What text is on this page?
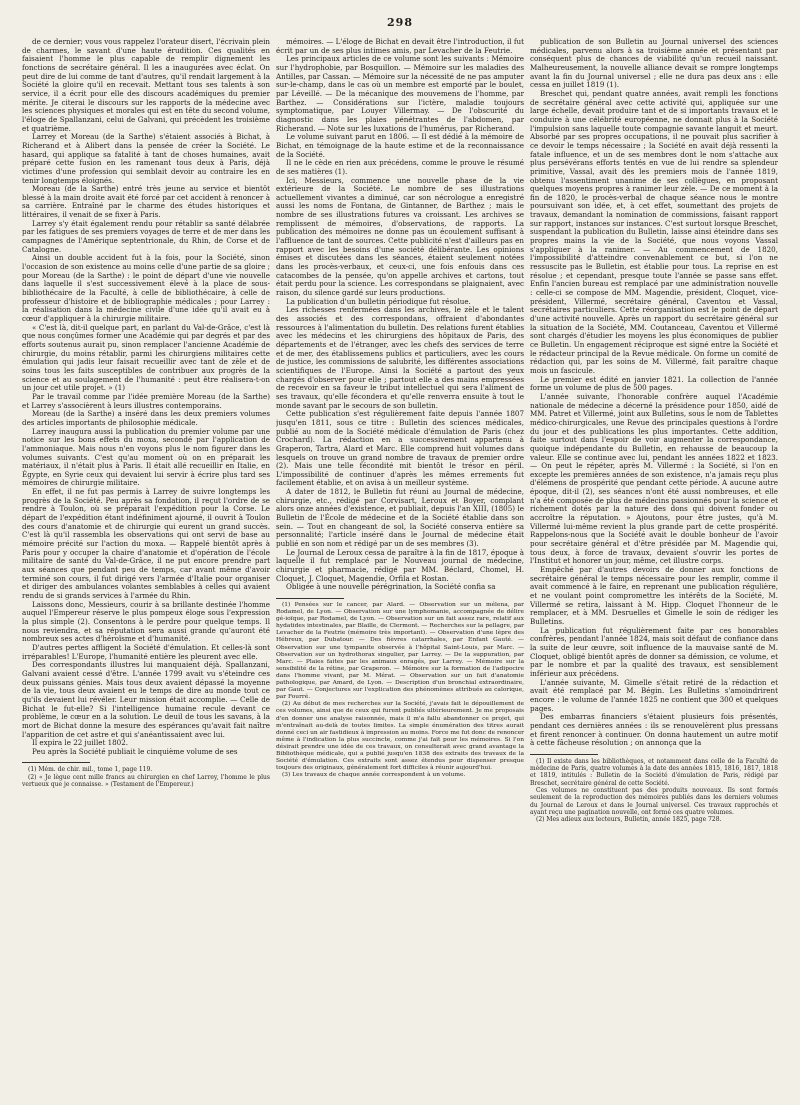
298

de ce dernier; vous vous rappelez l'orateur disert, l'écrivain plein de charmes, le savant d'une haute érudition. Ces qualités en faisaient l'homme le plus capable de remplir dignement les fonctions de secrétaire général. Il les a inaugurées avec éclat. On peut dire de lui comme de tant d'autres, qu'il rendait largement à la Société la gloire qu'il en recevait. Mettant tous ses talents à son service, il a écrit pour elle des discours académiques du premier mérite. Je citerai le discours sur les rapports de la médecine avec les sciences physiques et morales qui est en tête du second volume, l'éloge de Spallanzani, celui de Galvani, qui précèdent les troisième et quatrième.

Larrey et Moreau (de la Sarthe) s'étaient associés à Bichat, à Richerand et à Alibert dans la pensée de créer la Société. Le hasard, qui applique sa fatalité à tant de choses humaines, avait préparé cette fusion en les ramenant tous deux à Paris, déjà victimes d'une profession qui semblait devoir au contraire les en tenir longtemps éloignés.

Moreau (de la Sarthe) entré très jeune au service et bientôt blessé à la main droite avait été forcé par cet accident à renoncer à sa carrière. Entraîné par le charme des études historiques et littéraires, il venait de se fixer à Paris.

Larrey s'y était également rendu pour rétablir sa santé délabrée par les fatigues de ses premiers voyages de terre et de mer dans les campagnes de l'Amérique septentrionale, du Rhin, de Corse et de Catalogne.

Ainsi un double accident fut à la fois, pour la Société, sinon l'occasion de son existence au moins celle d'une partie de sa gloire ; pour Moreau (de la Sarthe) : le point de départ d'une vie nouvelle dans laquelle il s'est successivement élevé à la place de sous-bibliothécaire de la Faculté, à celle de bibliothécaire, à celle de professeur d'histoire et de bibliographie médicales ; pour Larrey : la réalisation dans la médecine civile d'une idée qu'il avait eu à cœur d'appliquer à la chirurgie militaire.

« C'est là, dit-il quelque part, en parlant du Val-de-Grâce, c'est là que nous conçûmes former une Académie qui par degrés et par des efforts soutenus aurait pu, sinon remplacer l'ancienne Académie de chirurgie, du moins rétablir, parmi les chirurgiens militaires cette émulation qui jadis leur faisait recueillir avec tant de zèle et de soins tous les faits susceptibles de contribuer aux progrès de la science et au soulagement de l'humanité : peut être réalisera-t-on un jour cet utile projet. » (1)

Par le travail comme par l'idée première Moreau (de la Sarthe) et Larrey s'associèrent à leurs illustres contemporains.

Moreau (de la Sarthe) a inséré dans les deux premiers volumes des articles importants de philosophie médicale.

Larrey inaugura aussi la publication du premier volume par une notice sur les bons effets du moxa, secondé par l'application de l'ammoniaque. Mais nous n'en voyons plus le nom figurer dans les volumes suivants. C'est qu'au moment où on en préparait les matériaux, il n'était plus à Paris. Il était allé recueillir en Italie, en Égypte, en Syrie ceux qui devaient lui servir à écrire plus tard ses mémoires de chirurgie militaire.

En effet, il ne fut pas permis à Larrey de suivre longtemps les progrès de la Société. Peu après sa fondation, il reçut l'ordre de se rendre à Toulon, où se préparait l'expédition pour la Corse. Le départ de l'expédition étant indéfiniment ajourné, il ouvrit à Toulon des cours d'anatomie et de chirurgie qui eurent un grand succès. C'est là qu'il rassembla les observations qui ont servi de base au mémoire précité sur l'action du moxa. — Rappelé bientôt après à Paris pour y occuper la chaire d'anatomie et d'opération de l'école militaire de santé du Val-de-Grâce, il ne put encore prendre part aux séances que pendant peu de temps, car avant même d'avoir terminé son cours, il fut dirigé vers l'armée d'Italie pour organiser et diriger des ambulances volantes semblables à celles qui avaient rendu de si grands services à l'armée du Rhin.

Laissons donc, Messieurs, courir à sa brillante destinée l'homme auquel l'Empereur réserve le plus pompeux éloge sous l'expression la plus simple (2). Consentons à le perdre pour quelque temps. Il nous reviendra, et sa réputation sera aussi grande qu'auront été nombreux ses actes d'héroïsme et d'humanité.

D'autres pertes affligent la Société d'émulation. Et celles-là sont irréparables! L'Europe, l'humanité entière les pleurent avec elle.

Des correspondants illustres lui manquaient déjà. Spallanzani, Galvani avaient cessé d'être. L'année 1799 avait vu s'éteindre ces deux puissans génies. Mais tous deux avaient dépassé la moyenne de la vie, tous deux avaient eu le temps de dire au monde tout ce qu'ils devaient lui révéler. Leur mission était accomplie. — Celle de Bichat le fut-elle? Si l'intelligence humaine recule devant ce problème, le cœur en a la solution. Le deuil de tous les savans, à la mort de Bichat donne la mesure des espérances qu'avait fait naître l'apparition de cet astre et qui s'anéantissaient avec lui.

Il expira le 22 juillet 1802.

Peu après la Société publiait le cinquième volume de ses

(1) Mém. de chir. mil., tome 1, page 119.

(2) « Je lègue cent mille francs au chirurgien en chef Larrey, l'homme le plus vertueux que je connaisse. » (Testament de l'Empereur.)

mémoires. — L'éloge de Bichat en devait être l'introduction, il fut écrit par un de ses plus intimes amis, par Levacher de la Feutrie.

Les principaux articles de ce volume sont les suivants : Mémoire sur l'hydrophobie, par Bosquillon. — Mémoire sur les maladies des Antilles, par Cassan. — Mémoire sur la nécessité de ne pas amputer sur-le-champ, dans le cas où un membre est emporté par le boulet, par Léveillé. — De la mécanique des mouvemens de l'homme, par Barthez. — Considérations sur l'ictère, maladie toujours symptomatique, par Louyer Villermay. — De l'obscurité du diagnostic dans les plaies pénétrantes de l'abdomen, par Richerand. — Note sur les luxations de l'humérus, par Richerand.

Le volume suivant parut en 1806. — Il est dédié à la mémoire de Bichat, en témoignage de la haute estime et de la reconnaissance de la Société.

Il ne le cède en rien aux précédens, comme le prouve le résumé de ses matières (1).

Ici, Messieurs, commence une nouvelle phase de la vie extérieure de la Société. Le nombre de ses illustrations actuellement vivantes a diminué, car son nécrologue a enregistré aussi les noms de Fontana, de Gintanner, de Barthez ; mais le nombre de ses illustrations futures va croissant. Les archives se remplissent de mémoires, d'observations, de rapports. La publication des mémoires ne donne pas un écoulement suffisant à l'affluence de tant de sources. Cette publicité n'est d'ailleurs pas en rapport avec les besoins d'une société délibérante. Les opinions émises et discutées dans les séances, étaient seulement notées dans les procès-verbaux, et ceux-ci, une fois enfouis dans ces catacombes de la pensée, qu'on appelle archives et cartons, tout était perdu pour la science. Les correspondans se plaignaient, avec raison, du silence gardé sur leurs productions.

La publication d'un bulletin périodique fut résolue.

Les richesses renfermées dans les archives, le zèle et le talent des associés et des correspondans, offraient d'abondantes ressources à l'alimentation du bulletin. Des relations furent établies avec les médecins et les chirurgiens des hôpitaux de Paris, des départements et de l'étranger, avec les chefs des services de terre et de mer, des établissemens publics et particuliers, avec les cours de justice, les commissions de salubrité, les différentes associations scientifiques de l'Europe. Ainsi la Société a partout des yeux chargés d'observer pour elle ; partout elle a des mains empressées de recevoir en sa faveur le tribut intellectuel qui sera l'aliment de ses travaux, qu'elle fécondera et qu'elle renverra ensuite à tout le monde savant par le secours de son bulletin.

Cette publication s'est régulièrement faite depuis l'année 1807 jusqu'en 1811, sous ce titre : Bulletin des sciences médicales, publié au nom de la Société médicale d'émulation de Paris (chez Crochard). La rédaction en a successivement appartenu à Graperon, Tartra, Alard et Marc. Elle comprend huit volumes dans lesquels on trouve un grand nombre de travaux de premier ordre (2). Mais une telle fécondité mit bientôt le trésor en péril. L'impossibilité de continuer d'après les mêmes errements fut facilement établie, et on avisa à un meilleur système.

A dater de 1812, le Bulletin fut réuni au Journal de médecine, chirurgie, etc., rédigé par Corvisart, Leroux et Boyer, complant alors onze années d'existence, et publiait, depuis l'an XIII, (1805) le Bulletin de l'École de médecine et de la Société établie dans son sein. — Tout en changeant de sol, la Société conserva entière sa personnalité; l'article inséré dans le Journal de médecine était publié en son nom et rédigé par un de ses membres (3).

Le Journal de Leroux cessa de paraître à la fin de 1817, époque à laquelle il fut remplacé par le Nouveau journal de médecine, chirurgie et pharmacie, rédigé par MM. Béclard, Chomel, H. Cloquet, J. Cloquet, Magendie, Orfila et Rostan.

Obligée à une nouvelle pérégrination, la Société confia sa

(1) Pensées sur le cancer, par Alard. — Observation sur un mélena, par Rodamel, de Lyon. — Observation sur une lymphomanie, accompagnée de délire gé-ioïque, par Rodamel, de Lyon. — Observation sur un fait assez rare, relatif aux hydatides intestinales, par Blaille, de Clermont. — Recherches sur la pellagre, par Levacher de la Feutrie (mémoire très important). — Observation d'une lèpre des Hébreux, par Dubatour. — Des fièvres catarrhales, par Enfant Gauté. — Observation sur une tympanite observée à l'hôpital Saint-Louis, par Marc. — Observation sur un hydrothorax singulier, par Larrey. — De la suppuration, par Marc. — Plaies faites par les animaux enragés, par Larrey. — Mémoire sur la sensibilité de la rétine, par Graperon. — Mémoire sur la formation de l'adipocire dans l'homme vivant, par M. Mérat. — Observation sur un fait d'anatomie pathologique, par Amard, de Lyon. — Description d'un bronchial extraordinaire, par Gaut. — Conjectures sur l'explication des phénomènes attribués au calorique, par Fourré.

(2) Au début de mes recherches sur la Société, j'avais fait le dépouillement de ces volumes, ainsi que de ceux qui furent publiés ultérieurement. Je me proposais d'en donner une analyse raisonnée, mais il m'a fallu abandonner ce projet, qui m'entraînait au-delà de toutes limites. La simple énumération des titres aurait donné ceci un air fastidieux à impression au moins. Force me fut donc de renoncer même à l'indication la plus succincte, comme j'ai fait pour les mémoires. Si l'on désirait prendre une idée de ces travaux, on consulterait avec grand avantage la Bibliothèque médicale, qui a publié jusqu'en 1838 des extraits des travaux de la Société d'émulation. Ces extraits sont assez étendus pour dispenser presque toujours des originaux, généralement fort difficiles à réunir aujourd'hui.

(3) Les travaux de chaque année correspondent à un volume.

publication de son Bulletin au Journal universel des sciences médicales, parvenu alors à sa troisième année et présentant par conséquent plus de chances de viabilité qu'un recueil naissant. Malheureusement, la nouvelle alliance devait se rompre longtemps avant la fin du Journal universel ; elle ne dura pas deux ans : elle cessa en juillet 1819 (1).

Breschet qui, pendant quatre années, avait rempli les fonctions de secrétaire général avec cette activité qui, appliquée sur une large échelle, devait produire tant et de si importants travaux et le conduire à une célébrité européenne, ne donnait plus à la Société l'impulsion sans laquelle toute compagnie savante languit et meurt. Absorbé par ses propres occupations, il ne pouvait plus sacrifier à ce devoir le temps nécessaire ; la Société en avait déjà ressenti la fatale influence, et un de ses membres dont le nom s'attache aux plus persévérans efforts tentés en vue de lui rendre sa splendeur primitive, Vassal, avait dès les premiers mois de l'année 1819, obtenu l'assentiment unanime de ses collègues, en proposant quelques moyens propres à ranimer leur zèle. — De ce moment à la fin de 1820, le procès-verbal de chaque séance nous le montre poursuivant son idée, et, à cet effet, soumettant des projets de travaux, demandant la nomination de commissions, faisant rapport sur rapport, instances sur instances. C'est surtout lorsque Breschet, suspendant la publication du Bulletin, laisse ainsi éteindre dans ses propres mains la vie de la Société, que nous voyons Vassal s'appliquer à la ranimer. — Au commencement de 1820, l'impossibilité d'atteindre convenablement ce but, si l'on ne ressuscite pas le Bulletin, est établie pour tous. La reprise en est résolue ; et cependant, presque toute l'année se passe sans effet. Enfin l'ancien bureau est remplacé par une administration nouvelle : celle-ci se compose de MM. Magendie, président, Cloquet, vice-président, Villermé, secrétaire général, Caventou et Vassal, secrétaires particuliers. Cette réorganisation est le point de départ d'une activité nouvelle. Après un rapport du secrétaire général sur la situation de la Société, MM. Coutanceau, Caventou et Villermé sont chargés d'étudier les moyens les plus économiques de publier ce Bulletin. Un engagement réciproque est signé entre la Société et le rédacteur principal de la Revue médicale. On forme un comité de rédaction qui, par les soins de M. Villermé, fait paraître chaque mois un fascicule.

Le premier est édité en janvier 1821. La collection de l'année forme un volume de plus de 500 pages.

L'année suivante, l'honorable confrère auquel l'Académie nationale de médecine a décerné la présidence pour 1850, aidé de MM. Patret et Villermé, joint aux Bulletins, sous le nom de Tablettes médico-chirurgicales, une Revue des principales questions à l'ordre du jour et des publications les plus importantes. Cette addition, faite surtout dans l'espoir de voir augmenter la correspondance, quoique indépendante du Bulletin, en rehausse de beaucoup la valeur. Elle se continue avec lui, pendant les années 1822 et 1823. — On peut le répéter, après M. Villermé : la Société, si l'on en excepte les premières années de son existence, n'a jamais reçu plus d'élémens de prospérité que pendant cette période. A aucune autre époque, dit-il (2), ses séances n'ont été aussi nombreuses, et elle n'a été composée de plus de médecins passionnés pour la science et richement dotés par la nature des dons qui doivent fonder ou accroître la réputation. » Ajoutons, pour être justes, qu'à M. Villermé lui-même revient la plus grande part de cette prospérité. Rappelons-nous que la Société avait le double bonheur de l'avoir pour secrétaire général et d'être présidée par M. Magendie qui, tous deux, à force de travaux, devaient s'ouvrir les portes de l'Institut et honorer un jour, même, cet illustre corps.

Empêché par d'autres devoirs de donner aux fonctions de secrétaire général le temps nécessaire pour les remplir, comme il avait commencé à le faire, en reprenant une publication régulière, et ne voulant point compromettre les intérêts de la Société, M. Villermé se retira, laissant à M. Hipp. Cloquet l'honneur de le remplacer, et à MM. Desruelles et Gimelle le soin de rédiger les Bulletins.

La publication fut régulièrement faite par ces honorables confrères, pendant l'année 1824, mais soit défaut de confiance dans la suite de leur œuvre, soit influence de la mauvaise santé de M. Cloquet, obligé bientôt après de donner sa démission, ce volume, et par le nombre et par la qualité des travaux, est sensiblement inférieur aux précédens.

L'année suivante, M. Gimelle s'était retiré de la rédaction et avait été remplacé par M. Bégin. Les Bulletins s'amoindrirent encore : le volume de l'année 1825 ne contient que 300 et quelques pages.

Des embarras financiers s'étaient plusieurs fois présentés, pendant ces dernières années : ils se renouvelèrent plus pressans et firent renoncer à continuer. On donna hautement un autre motif à cette fâcheuse résolution ; on annonça que la

(1) Il existe dans les bibliothèques, et notamment dans celle de la Faculté de médecine de Paris, quatre volumes à la date des années 1815, 1816, 1817, 1818 et 1819, intitulés : Bulletin de la Société d'émulation de Paris, rédigé par Breschet, secrétaire général de cette Société.

Ces volumes ne constituent pas des produits nouveaux. Ils sont formés seulement de la reproduction des mémoires publiés dans les derniers volumes du Journal de Leroux et dans le Journal universel. Ces travaux rapprochés et ayant reçu une pagination nouvelle, ont formé ces quatre volumes.

(2) Mes adieux aux lecteurs, Bulletin, année 1825, page 728.
